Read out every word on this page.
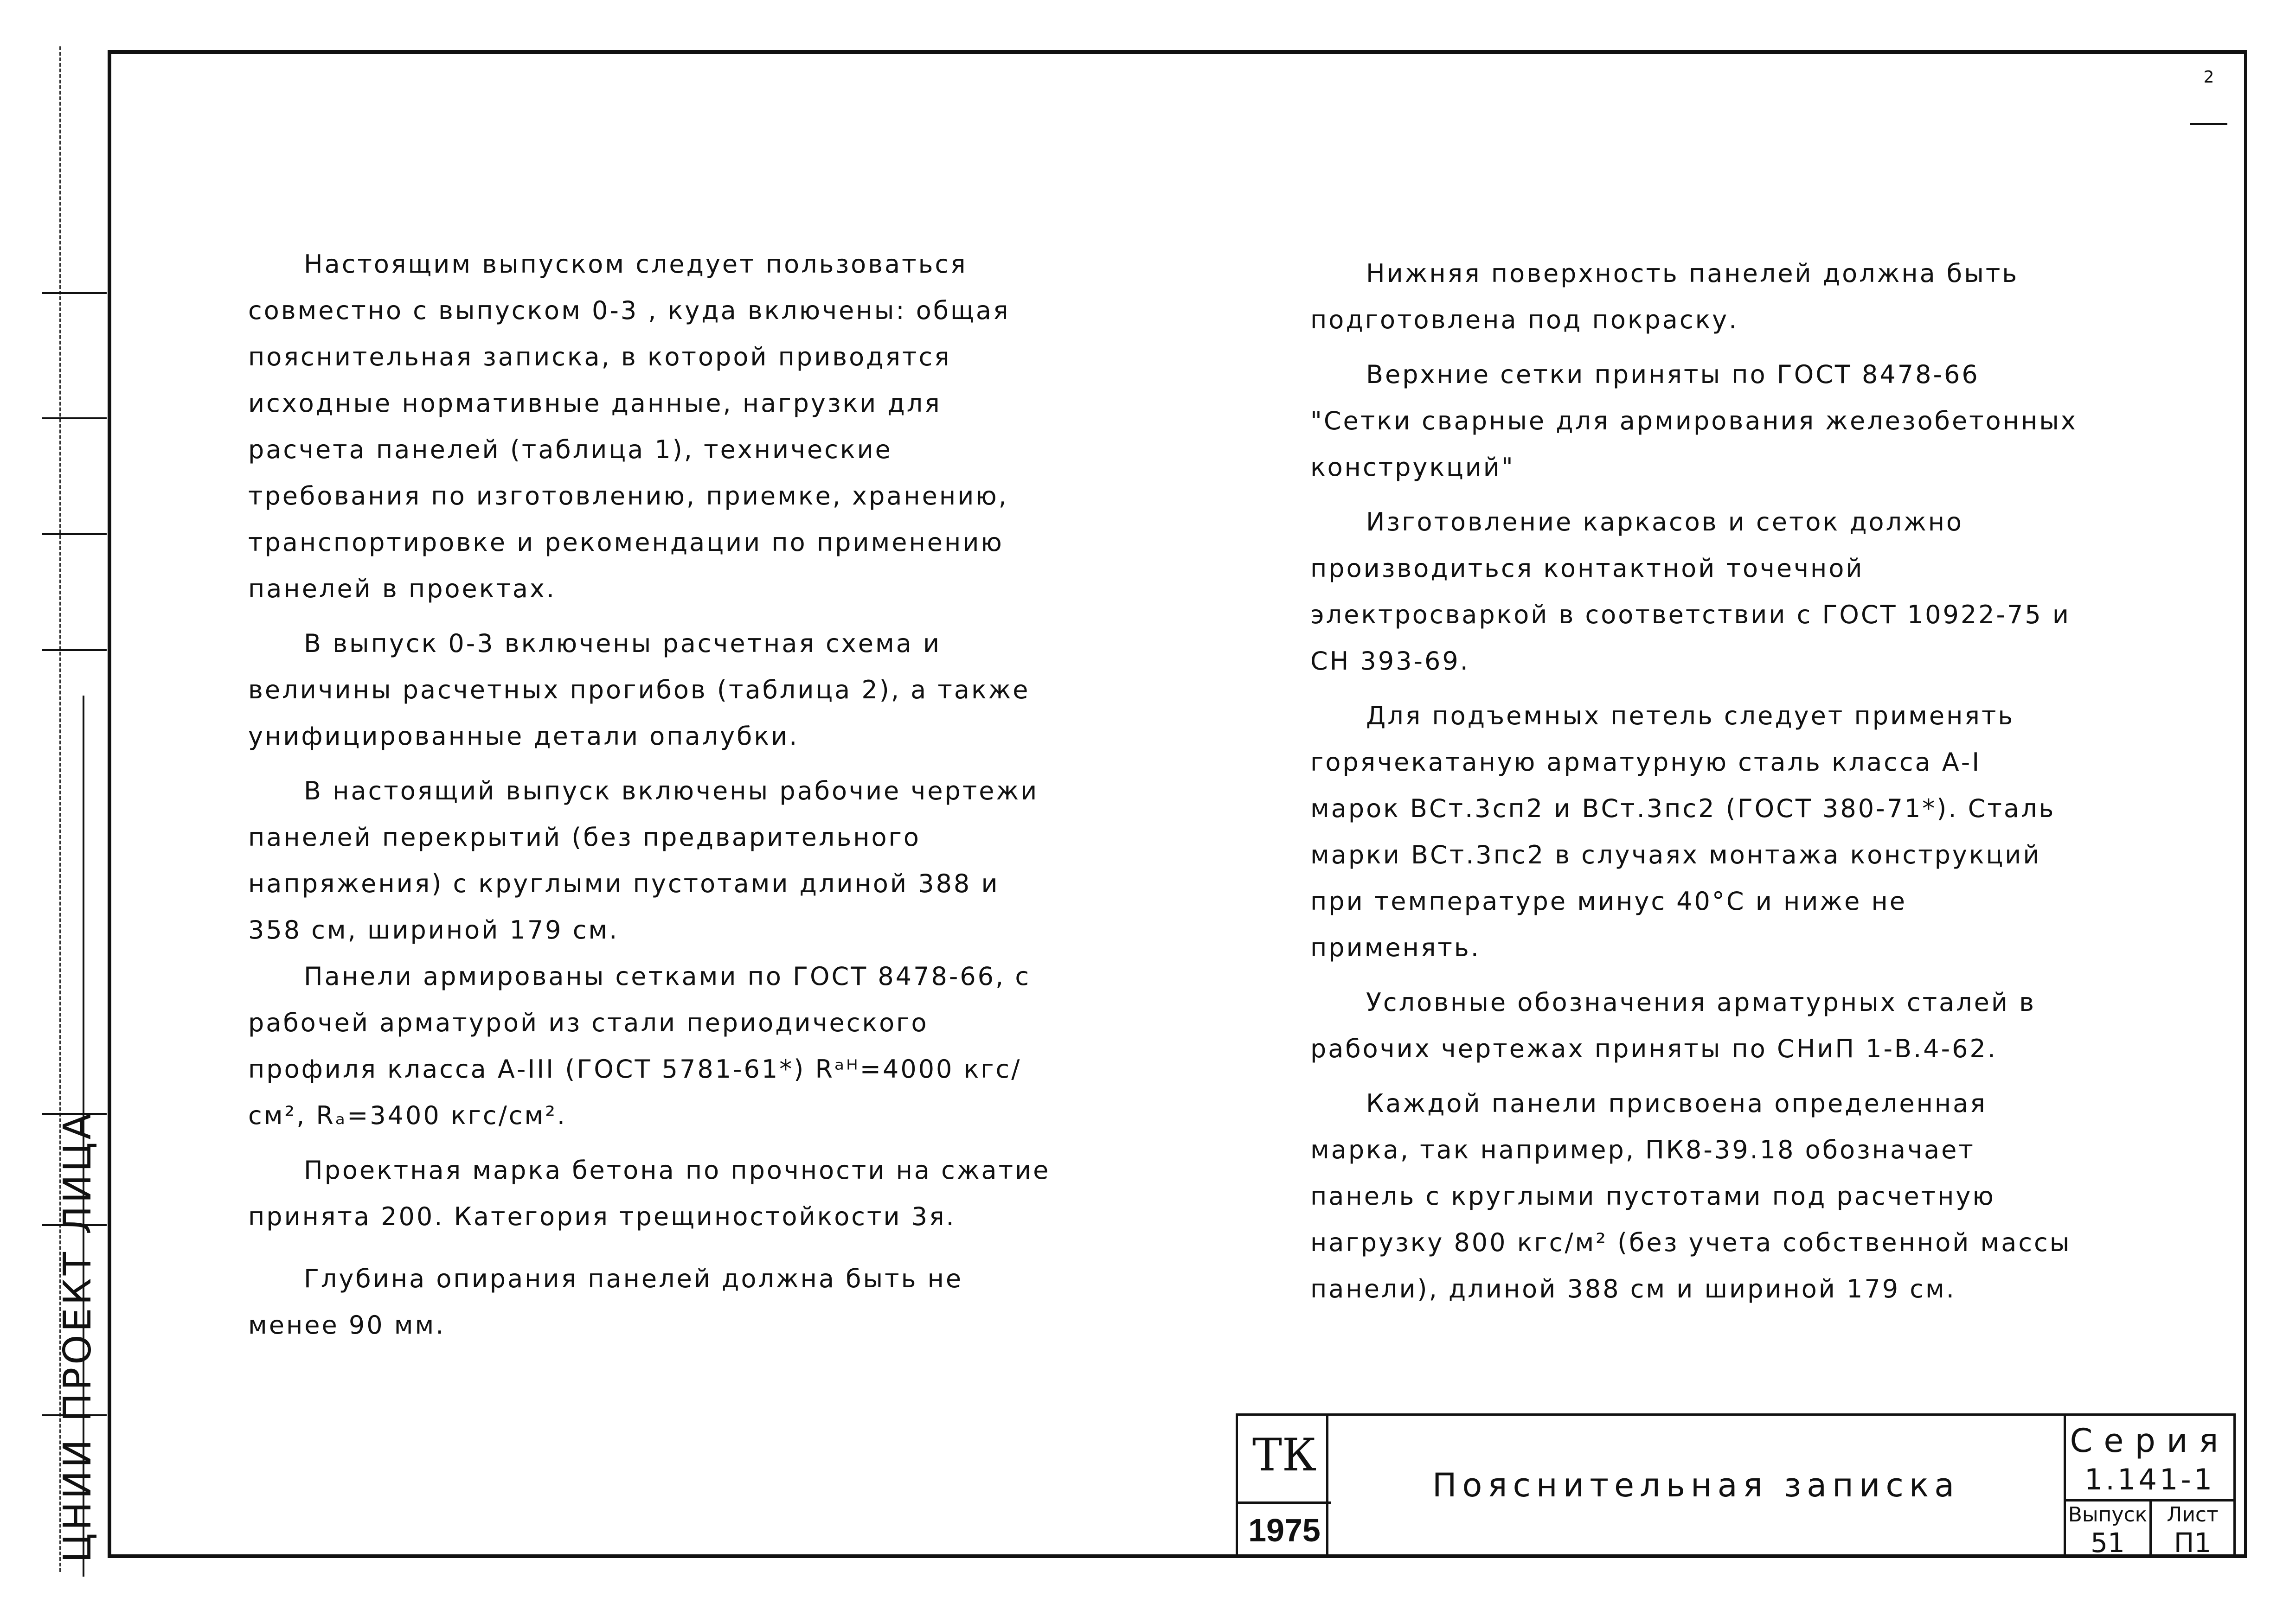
ЦНИИ ПРОЕКТ ЛИЦА
2

Настоящим выпуском следует пользоваться совместно с выпуском 0-3 , куда включены: общая пояснительная записка, в которой приводятся исходные нормативные данные, нагрузки для расчета панелей (таблица 1), технические требования по изготовлению, приемке, хранению, транспортировке и рекомендации по применению панелей в проектах.

В выпуск 0-3 включены расчетная схема и величины расчетных прогибов (таблица 2), а также унифицированные детали опалубки.

В настоящий выпуск включены рабочие чертежи панелей перекрытий (без предварительного напряжения) с круглыми пустотами длиной 388 и 358 см, шириной 179 см.

Панели армированы сетками по ГОСТ 8478-66, с рабочей арматурой из стали периодического профиля класса А-III (ГОСТ 5781-61*) Rᵃᴴ=4000 кгс/см², Rₐ=3400 кгс/см².

Проектная марка бетона по прочности на сжатие принята 200. Категория трещиностойкости 3я.

Глубина опирания панелей должна быть не менее 90 мм.

Нижняя поверхность панелей должна быть подготовлена под покраску.

Верхние сетки приняты по ГОСТ 8478-66 "Сетки сварные для армирования железобетонных конструкций"

Изготовление каркасов и сеток должно производиться контактной точечной электросваркой в соответствии с ГОСТ 10922-75 и СН 393-69.

Для подъемных петель следует применять горячекатаную арматурную сталь класса А-I марок ВСт.3сп2 и ВСт.3пс2 (ГОСТ 380-71*). Сталь марки ВСт.3пс2 в случаях монтажа конструкций при температуре минус 40°С и ниже не применять.

Условные обозначения арматурных сталей в рабочих чертежах приняты по СНиП 1-В.4-62.

Каждой панели присвоена определенная марка, так например, ПК8-39.18 обозначает панель с круглыми пустотами под расчетную нагрузку 800 кгс/м² (без учета собственной массы панели), длиной 388 см и шириной 179 см.

ТК
1975
Пояснительная записка
Серия
1.141-1
Выпуск
51
Лист
П1
